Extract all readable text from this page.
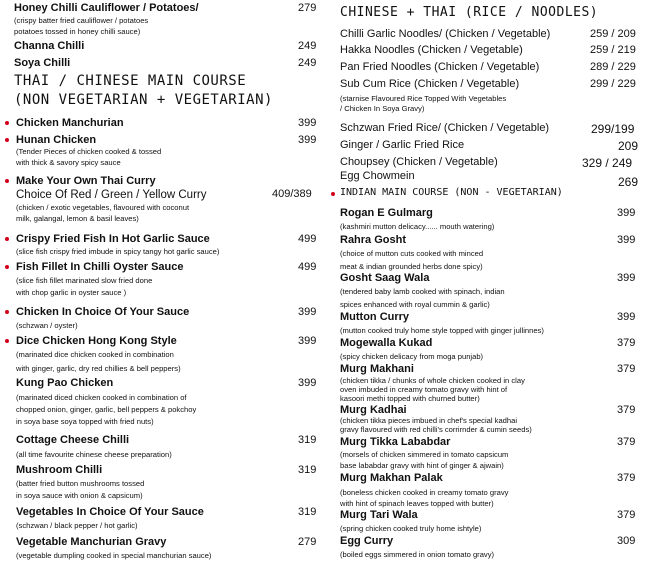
Honey Chilli Cauliflower / Potatoes/	279
(crispy batter fried cauliflower / potatoes
potatoes tossed in honey chilli sauce)
Channa Chilli	249
Soya Chilli	249
THAI / CHINESE MAIN COURSE
(NON VEGETARIAN + VEGETARIAN)
Chicken Manchurian	399
Hunan Chicken	399
(Tender Pieces of chicken cooked & tossed
with thick & savory spicy sauce
Make Your Own Thai Curry
Choice Of Red / Green / Yellow Curry	409/389
(chicken / exotic vegetables, flavoured with coconut
milk, galangal, lemon & basil leaves)
Crispy Fried Fish In Hot Garlic Sauce	499
(slice fish crispy fried imbude in spicy tangy hot garlic sauce)
Fish Fillet In Chilli Oyster Sauce	499
(slice fish fillet marinated slow fried done
with chop garlic in oyster sauce )
Chicken In Choice Of Your Sauce	399
(schzwan / oyster)
Dice Chicken Hong Kong Style	399
(marinated dice chicken cooked in combination
with ginger, garlic, dry red chillies & bell peppers)
Kung Pao Chicken	399
(marinated diced chicken cooked in combination of
chopped onion, ginger, garlic, bell peppers & pokchoy
in soya base soya topped with fried nuts)
Cottage Cheese Chilli	319
(all time favourite chinese cheese preparation)
Mushroom Chilli	319
(batter fried button mushrooms tossed
in soya sauce with onion & capsicum)
Vegetables In Choice Of Your Sauce	319
(schzwan / black pepper / hot garlic)
Vegetable Manchurian Gravy	279
(vegetable dumpling cooked in special manchurian sauce)
CHINESE + THAI (RICE / NOODLES)
Chilli Garlic Noodles/ (Chicken / Vegetable)	259 / 209
Hakka Noodles (Chicken / Vegetable)	259 / 219
Pan Fried Noodles (Chicken / Vegetable)	289 / 229
Sub Cum Rice (Chicken / Vegetable)	299 / 229
(starnise Flavoured Rice Topped With Vegetables
/ Chicken In Soya Gravy)
Schzwan Fried Rice/ (Chicken / Vegetable)	299/199
Ginger / Garlic Fried Rice	209
Choupsey (Chicken / Vegetable)	329 / 249
Egg Chowmein	269
INDIAN MAIN COURSE (NON - VEGETARIAN)
Rogan E Gulmarg	399
(kashmiri mutton delicacy...... mouth watering)
Rahra Gosht	399
(choice of mutton cuts cooked with minced
meat & indian grounded herbs done spicy)
Gosht Saag Wala	399
(tendered baby lamb cooked with spinach, indian
spices enhanced with royal cummin & garlic)
Mutton Curry	399
(mutton cooked truly home style topped with ginger jullinnes)
Mogewalla Kukad	379
(spicy chicken delicacy from moga punjab)
Murg Makhani	379
(chicken tikka / chunks of whole chicken cooked in clay
oven imbuded in creamy tomato gravy with hint of
kasoori methi topped with churned butter)
Murg Kadhai	379
(chicken tikka pieces imbued in chef's special kadhai
gravy flavoured with red chilli's corrirnder & cumin seeds)
Murg Tikka Lababdar	379
(morsels of chicken simmered in tomato capsicum
base lababdar gravy with hint of ginger & ajwain)
Murg Makhan Palak	379
(boneless chicken cooked in creamy tomato gravy
with hint of spinach leaves topped with butter)
Murg Tari Wala	379
(spring chicken cooked truly home ishtyle)
Egg Curry	309
(boiled eggs simmered in onion tomato gravy)
